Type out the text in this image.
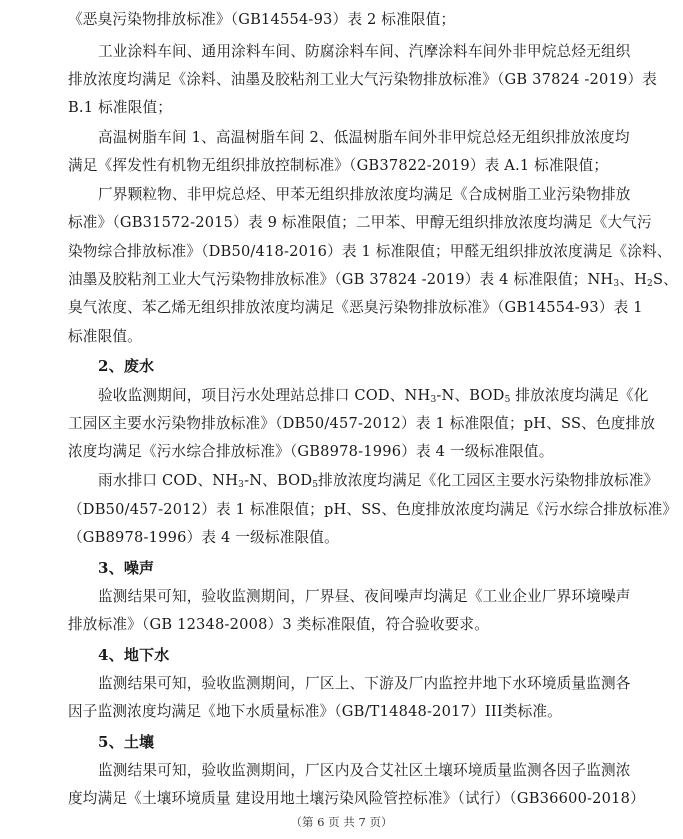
《恶臭污染物排放标准》（GB14554-93）表 2 标准限值；
工业涂料车间、通用涂料车间、防腐涂料车间、汽摩涂料车间外非甲烷总烃无组织
排放浓度均满足《涂料、油墨及胶粘剂工业大气污染物排放标准》（GB 37824 -2019）表
B.1 标准限值；
高温树脂车间 1、高温树脂车间 2、低温树脂车间外非甲烷总烃无组织排放浓度均
满足《挥发性有机物无组织排放控制标准》（GB37822-2019）表 A.1 标准限值；
厂界颗粒物、非甲烷总烃、甲苯无组织排放浓度均满足《合成树脂工业污染物排放
标准》（GB31572-2015）表 9 标准限值；二甲苯、甲醇无组织排放浓度均满足《大气污
染物综合排放标准》（DB50/418-2016）表 1 标准限值；甲醛无组织排放浓度满足《涂料、
油墨及胶粘剂工业大气污染物排放标准》（GB 37824 -2019）表 4 标准限值；$NH_3$、$H_2S$、
臭气浓度、苯乙烯无组织排放浓度均满足《恶臭污染物排放标准》（GB14554-93）表 1
标准限值。
2、废水
验收监测期间，项目污水处理站总排口 COD、$NH_3-N$、$BOD_5$ 排放浓度均满足《化
工园区主要水污染物排放标准》（DB50/457-2012）表 1 标准限值；pH、SS、色度排放
浓度均满足《污水综合排放标准》（GB8978-1996）表 4 一级标准限值。
雨水排口 COD、$NH_3-N$、$BOD_5$排放浓度均满足《化工园区主要水污染物排放标准》
（DB50/457-2012）表 1 标准限值；pH、SS、色度排放浓度均满足《污水综合排放标准》
（GB8978-1996）表 4 一级标准限值。
3、噪声
监测结果可知，验收监测期间，厂界昼、夜间噪声均满足《工业企业厂界环境噪声
排放标准》（GB 12348-2008）3 类标准限值，符合验收要求。
4、地下水
监测结果可知，验收监测期间，厂区上、下游及厂内监控井地下水环境质量监测各
因子监测浓度均满足《地下水质量标准》（GB/T14848-2017）III类标准。
5、土壤
监测结果可知，验收监测期间，厂区内及合艾社区土壤环境质量监测各因子监测浓
度均满足《土壤环境质量 建设用地土壤污染风险管控标准》（试行）（GB36600-2018）
（第 6 页 共 7 页）
